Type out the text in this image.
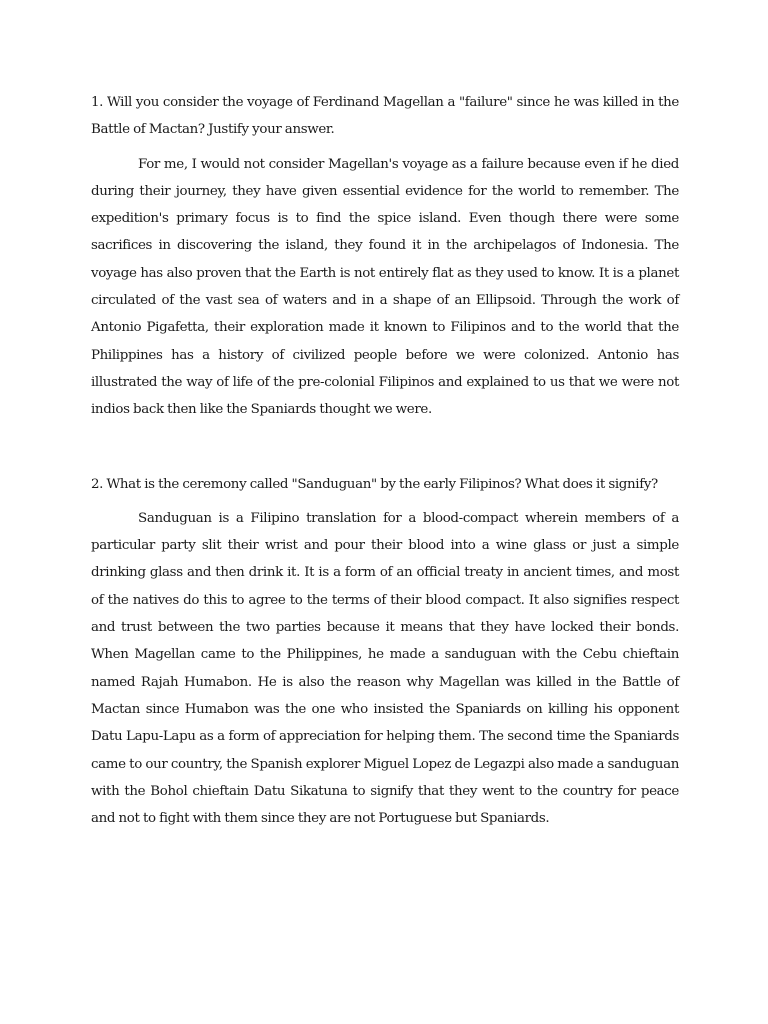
1. Will you consider the voyage of Ferdinand Magellan a "failure" since he was killed in the Battle of Mactan? Justify your answer.

For me, I would not consider Magellan's voyage as a failure because even if he died during their journey, they have given essential evidence for the world to remember. The expedition's primary focus is to find the spice island. Even though there were some sacrifices in discovering the island, they found it in the archipelagos of Indonesia. The voyage has also proven that the Earth is not entirely flat as they used to know. It is a planet circulated of the vast sea of waters and in a shape of an Ellipsoid. Through the work of Antonio Pigafetta, their exploration made it known to Filipinos and to the world that the Philippines has a history of civilized people before we were colonized. Antonio has illustrated the way of life of the pre-colonial Filipinos and explained to us that we were not indios back then like the Spaniards thought we were.

2. What is the ceremony called "Sanduguan" by the early Filipinos? What does it signify?

Sanduguan is a Filipino translation for a blood-compact wherein members of a particular party slit their wrist and pour their blood into a wine glass or just a simple drinking glass and then drink it. It is a form of an official treaty in ancient times, and most of the natives do this to agree to the terms of their blood compact. It also signifies respect and trust between the two parties because it means that they have locked their bonds. When Magellan came to the Philippines, he made a sanduguan with the Cebu chieftain named Rajah Humabon. He is also the reason why Magellan was killed in the Battle of Mactan since Humabon was the one who insisted the Spaniards on killing his opponent Datu Lapu-Lapu as a form of appreciation for helping them. The second time the Spaniards came to our country, the Spanish explorer Miguel Lopez de Legazpi also made a sanduguan with the Bohol chieftain Datu Sikatuna to signify that they went to the country for peace and not to fight with them since they are not Portuguese but Spaniards.
